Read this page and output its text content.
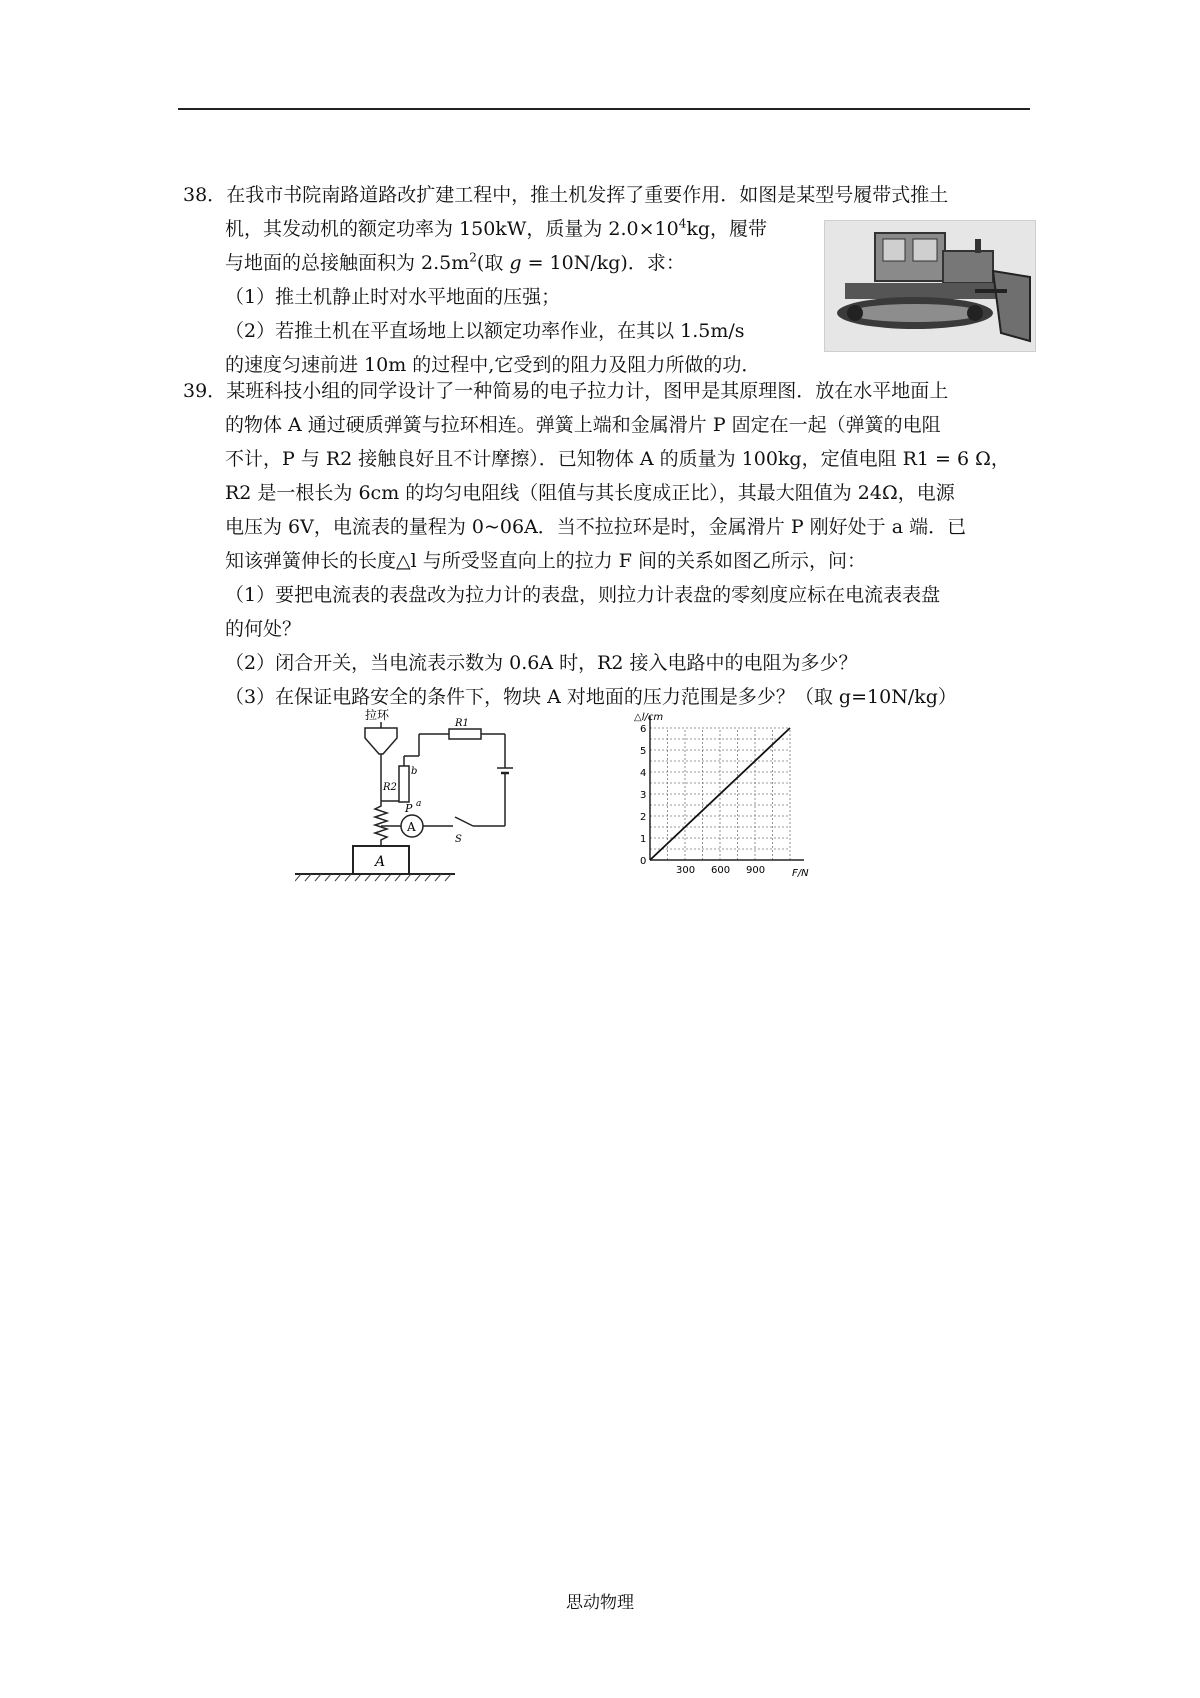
38．在我市书院南路道路改扩建工程中，推土机发挥了重要作用．如图是某型号履带式推土
机，其发动机的额定功率为 150kW，质量为 $2.0\times 10^4kg$，履带
与地面的总接触面积为 $2.5m^2$(取 g = 10N/kg)．求：
（1）推土机静止时对水平地面的压强；
（2）若推土机在平直场地上以额定功率作业，在其以 1.5m/s
的速度匀速前进 10m 的过程中,它受到的阻力及阻力所做的功．
39．某班科技小组的同学设计了一种简易的电子拉力计，图甲是其原理图．放在水平地面上
的物体 A 通过硬质弹簧与拉环相连。弹簧上端和金属滑片 P 固定在一起（弹簧的电阻
不计，P 与 R2 接触良好且不计摩擦）．已知物体 A 的质量为 100kg，定值电阻 R1 = 6 Ω，
R2 是一根长为 6cm 的均匀电阻线（阻值与其长度成正比），其最大阻值为 24Ω，电源
电压为 6V，电流表的量程为 0~06A．当不拉拉环是时，金属滑片 P 刚好处于 a 端．已
知该弹簧伸长的长度△l 与所受竖直向上的拉力 F 间的关系如图乙所示，问：
（1）要把电流表的表盘改为拉力计的表盘，则拉力计表盘的零刻度应标在电流表表盘
的何处？
（2）闭合开关，当电流表示数为 0.6A 时，R2 接入电路中的电阻为多少？
（3）在保证电路安全的条件下，物块 A 对地面的压力范围是多少？（取 g=10N/kg）
A
拉环
P a
R2
b
R1
S
A
300 600 900
0
1
2
3
4
5
6
△l/cm
F/N
思动物理
